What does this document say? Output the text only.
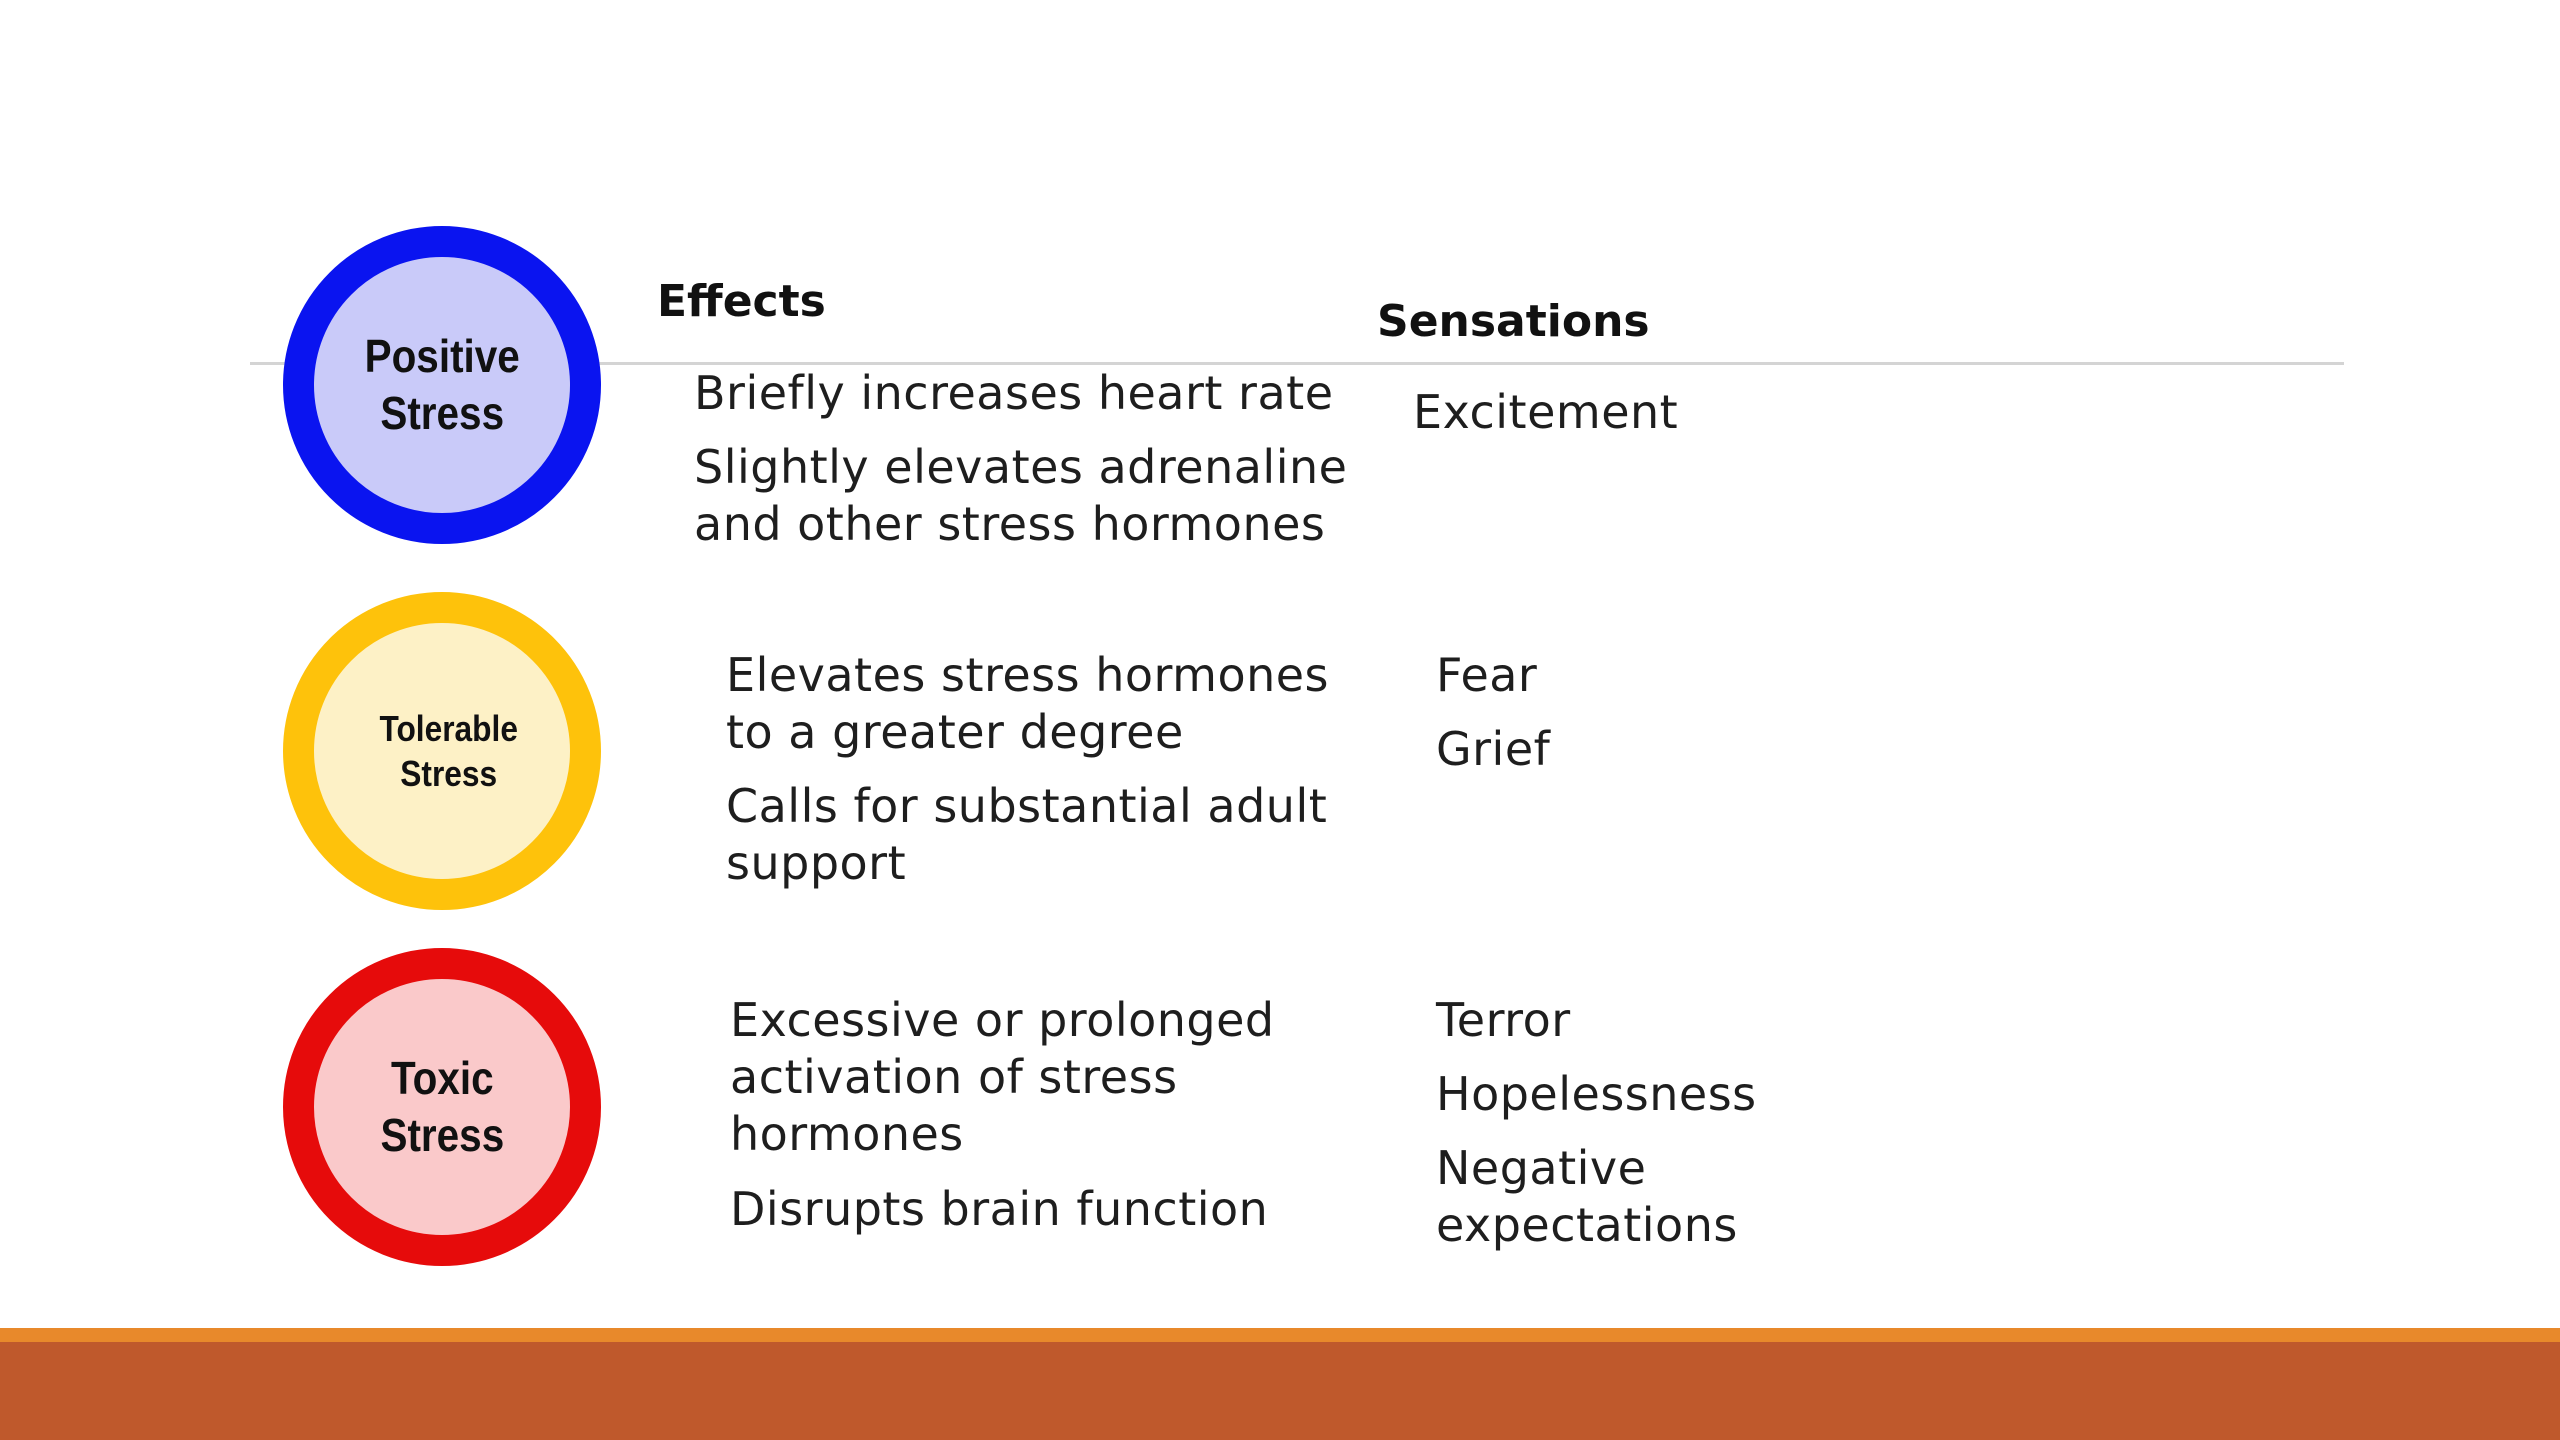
Effects	Sensations
Positive
Stress	Briefly increases heart rate
Slightly elevates adrenaline
and other stress hormones
Excitement
Tolerable
Stress
Elevates stress hormones
to a greater degree
Calls for substantial adult
support
Fear
Grief
Toxic
Stress
Excessive or prolonged
activation of stress
hormones
Disrupts brain function
Terror
Hopelessness
Negative
expectations
